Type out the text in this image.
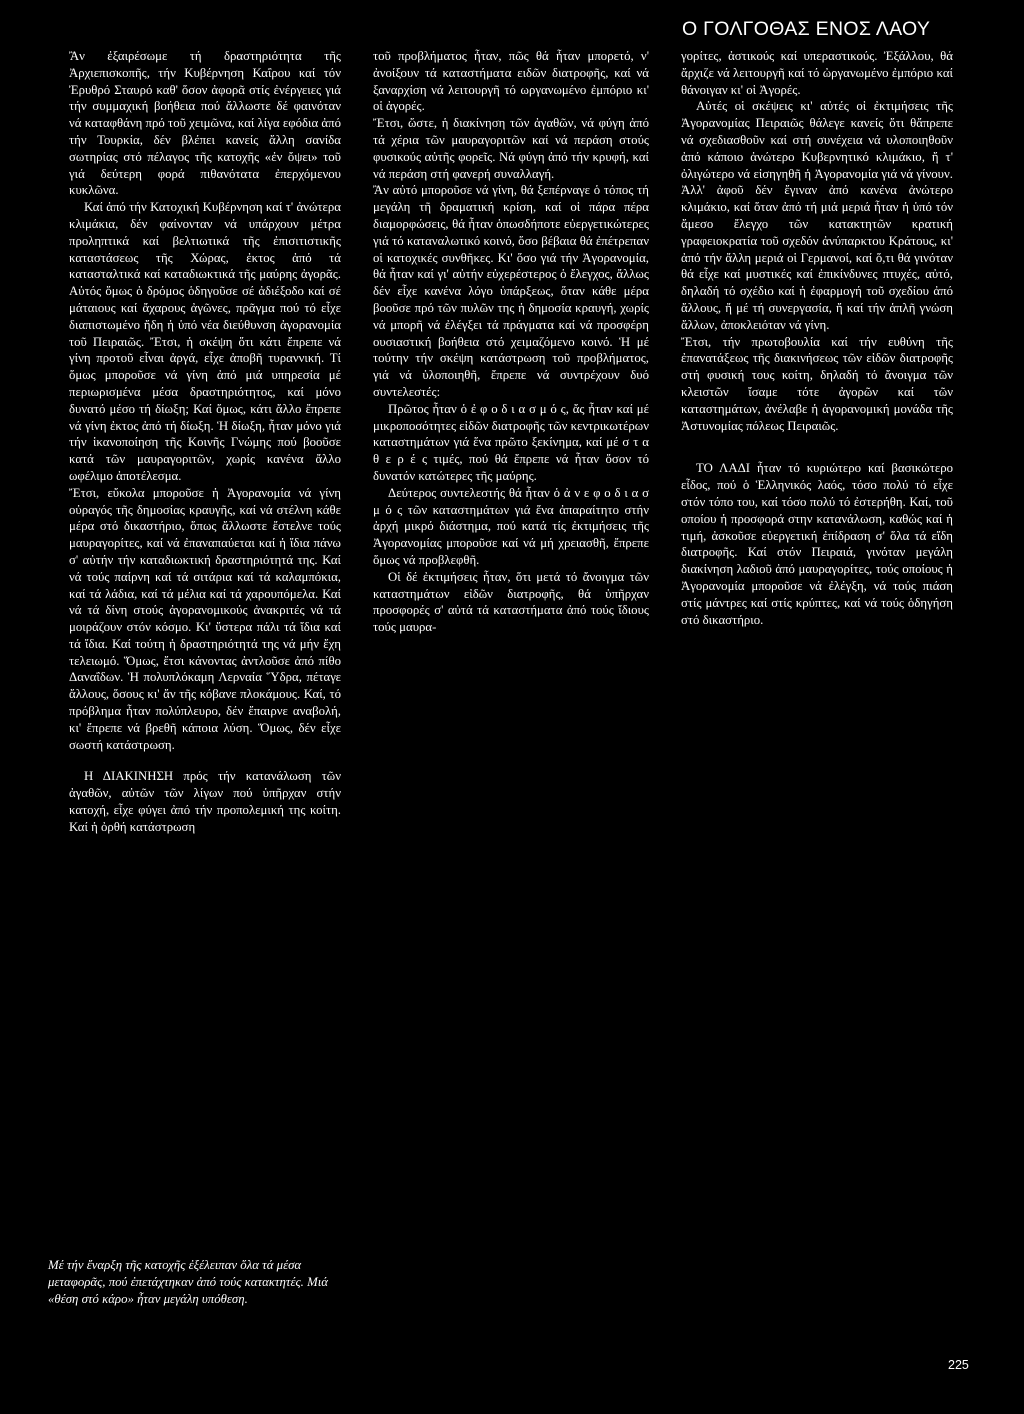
Ο ΓΟΛΓΟΘΑΣ ΕΝΟΣ ΛΑΟΥ

Ἂν ἐξαιρέσωμε τή δραστηριότητα τῆς Ἀρχιεπισκοπῆς, τήν Κυβέρνηση Καΐρου καί τόν Ἐρυθρό Σταυρό καθ' ὅσον ἀφορᾶ στίς ἐνέργειες γιά τήν συμμαχική βοήθεια πού ἄλλωστε δέ φαινόταν νά καταφθάνη πρό τοῦ χειμῶνα, καί λίγα εφόδια ἀπό τήν Τουρκία, δέν βλέπει κανείς ἄλλη σανίδα σωτηρίας στό πέλαγος τῆς κατοχῆς «ἐν ὄψει» τοῦ γιά δεύτερη φορά πιθανότατα ἐπερχόμενου κυκλῶνα.

Καί ἀπό τήν Κατοχική Κυβέρνηση καί τ' ἀνώτερα κλιμάκια, δέν φαίνονταν νά υπάρχουν μέτρα προληπτικά καί βελτιωτικά τῆς ἐπισιτιστικῆς καταστάσεως τῆς Χώρας, ἐκτος ἀπό τά κατασταλτικά καί καταδιωκτικά τῆς μαύρης ἀγορᾶς. Αὐτός ὅμως ὁ δρόμος ὁδηγοῦσε σέ ἀδιέξοδο καί σέ μάταιους καί ἄχαρους ἀγῶνες, πρᾶγμα πού τό εἶχε διαπιστωμένο ἤδη ἡ ὑπό νέα διεύθυνση ἀγορανομία τοῦ Πειραιῶς. Ἔτσι, ἡ σκέψη ὅτι κάτι ἔπρεπε νά γίνη προτοῦ εἶναι ἀργά, εἶχε ἀποβῆ τυραννική. Τί ὅμως μποροῦσε νά γίνη ἀπό μιά υπηρεσία μέ περιωρισμένα μέσα δραστηριότητος, καί μόνο δυνατό μέσο τή δίωξη; Καί ὅμως, κάτι ἄλλο ἔπρεπε νά γίνη ἐκτος ἀπό τή δίωξη. Ἡ δίωξη, ἦταν μόνο γιά τήν ἱκανοποίηση τῆς Κοινῆς Γνώμης πού βοοῦσε κατά τῶν μαυραγοριτῶν, χωρίς κανένα ἄλλο ωφέλιμο ἀποτέλεσμα.

Ἔτσι, εὔκολα μποροῦσε ἡ Ἀγορανομία νά γίνη οὐραγός τῆς δημοσίας κραυγῆς, καί νά στέλνη κάθε μέρα στό δικαστήριο, ὅπως ἄλλωστε ἔστελνε τούς μαυραγορίτες, καί νά ἐπαναπαύεται καί ἡ ἴδια πάνω σ' αὐτήν τήν καταδιωκτική δραστηριότητά της. Καί νά τούς παίρνη καί τά σιτάρια καί τά καλαμπόκια, καί τά λάδια, καί τά μέλια καί τά χαρουπόμελα. Καί νά τά δίνη στούς ἀγορανομικούς ἀνακριτές νά τά μοιράζουν στόν κόσμο. Κι' ὕστερα πάλι τά ἴδια καί τά ἴδια. Καί τούτη ἡ δραστηριότητά της νά μήν ἔχη τελειωμό. Ὅμως, ἔτσι κάνοντας ἀντλοῦσε ἀπό πίθο Δαναΐδων. Ἡ πολυπλόκαμη Λερναία Ὕδρα, πέταγε ἄλλους, ὅσους κι' ἄν τῆς κόβανε πλοκάμους. Καί, τό πρόβλημα ἦταν πολύπλευρο, δέν ἔπαιρνε αναβολή, κι' ἔπρεπε νά βρεθῆ κάποια λύση. Ὅμως, δέν εἶχε σωστή κατάστρωση.

Η ΔΙΑΚΙΝΗΣΗ πρός τήν κατανάλωση τῶν ἀγαθῶν, αὐτῶν τῶν λίγων πού ὑπῆρχαν στήν κατοχή, εἶχε φύγει ἀπό τήν προπολεμική της κοίτη. Καί ἡ ὀρθή κατάστρωση

τοῦ προβλήματος ἦταν, πῶς θά ἦταν μπορετό, ν' ἀνοίξουν τά καταστήματα ειδῶν διατροφῆς, καί νά ξαναρχίση νά λειτουργῆ τό ωργανωμένο ἐμπόριο κι' οἱ ἀγορές.

Ἔτσι, ὥστε, ἡ διακίνηση τῶν ἀγαθῶν, νά φύγη ἀπό τά χέρια τῶν μαυραγοριτῶν καί νά περάση στούς φυσικούς αὐτῆς φορεῖς. Νά φύγη ἀπό τήν κρυφή, καί νά περάση στή φανερή συναλλαγή.

Ἂν αὐτό μποροῦσε νά γίνη, θά ξεπέρναγε ὁ τόπος τή μεγάλη τῆ δραματική κρίση, καί οἱ πάρα πέρα διαμορφώσεις, θά ἦταν ὁπωσδήποτε εὐεργετικώτερες γιά τό καταναλωτικό κοινό, ὅσο βέβαια θά ἐπέτρεπαν οἱ κατοχικές συνθῆκες. Κι' ὅσο γιά τήν Ἀγορανομία, θά ἦταν καί γι' αὐτήν εὐχερέστερος ὁ ἔλεγχος, ἄλλως δέν εἶχε κανένα λόγο ὑπάρξεως, ὅταν κάθε μέρα βοοῦσε πρό τῶν πυλῶν της ἡ δημοσία κραυγή, χωρίς νά μπορῆ νά ἐλέγξει τά πράγματα καί νά προσφέρη ουσιαστική βοήθεια στό χειμαζόμενο κοινό. Ἡ μέ τούτην τήν σκέψη κατάστρωση τοῦ προβλήματος, γιά νά ὑλοποιηθῆ, ἔπρεπε νά συντρέχουν δυό συντελεστές:

Πρῶτος ἦταν ὁ ἐ φ ο δ ι α σ μ ό ς, ἄς ἦταν καί μέ μικροποσότητες εἰδῶν διατροφῆς τῶν κεντρικωτέρων καταστημάτων γιά ἕνα πρῶτο ξεκίνημα, καί μέ σ τ α θ ε ρ έ ς τιμές, πού θά ἔπρεπε νά ἦταν ὅσον τό δυνατόν κατώτερες τῆς μαύρης.

Δεύτερος συντελεστής θά ἦταν ὁ ἀ ν ε φ ο δ ι α σ μ ό ς τῶν καταστημάτων γιά ἕνα ἀπαραίτητο στήν ἀρχή μικρό διάστημα, πού κατά τίς ἐκτιμήσεις τῆς Ἀγορανομίας μποροῦσε καί νά μή χρειασθῆ, ἔπρεπε ὅμως νά προβλεφθῆ.

Οἱ δέ ἐκτιμήσεις ἦταν, ὅτι μετά τό ἄνοιγμα τῶν καταστημάτων εἰδῶν διατροφῆς, θά ὑπῆρχαν προσφορές σ' αὐτά τά καταστήματα ἀπό τούς ἴδιους τούς μαυρα-

γορίτες, ἀστικούς καί υπεραστικούς. Ἐξάλλου, θά ἄρχιζε νά λειτουργῆ καί τό ὠργανωμένο ἐμπόριο καί θάνοιγαν κι' οἱ Ἀγορές.

Αὐτές οἱ σκέψεις κι' αὐτές οἱ ἐκτιμήσεις τῆς Ἀγορανομίας Πειραιῶς θάλεγε κανείς ὅτι θἄπρεπε νά σχεδιασθοῦν καί στή συνέχεια νά υλοποιηθοῦν ἀπό κάποιο ἀνώτερο Κυβερνητικό κλιμάκιο, ἤ τ' ὀλιγώτερο νά εἰσηγηθῆ ἡ Ἀγορανομία γιά νά γίνουν. Ἀλλ' ἀφοῦ δέν ἔγιναν ἀπό κανένα ἀνώτερο κλιμάκιο, καί ὅταν ἀπό τή μιά μεριά ἦταν ἡ ὑπό τόν ἄμεσο ἔλεγχο τῶν κατακτητῶν κρατική γραφειοκρατία τοῦ σχεδόν ἀνύπαρκτου Κράτους, κι' ἀπό τήν ἄλλη μεριά οἱ Γερμανοί, καί ὅ,τι θά γινόταν θά εἶχε καί μυστικές καί ἐπικίνδυνες πτυχές, αὐτό, δηλαδή τό σχέδιο καί ἡ ἐφαρμογή τοῦ σχεδίου ἀπό ἄλλους, ἤ μέ τή συνεργασία, ἤ καί τήν ἁπλῆ γνώση ἄλλων, ἀποκλειόταν νά γίνη.

Ἔτσι, τήν πρωτοβουλία καί τήν ευθύνη τῆς ἐπανατάξεως τῆς διακινήσεως τῶν εἰδῶν διατροφῆς στή φυσική τους κοίτη, δηλαδή τό ἄνοιγμα τῶν κλειστῶν ἴσαμε τότε ἀγορῶν καί τῶν καταστημάτων, ἀνέλαβε ἡ ἀγορανομική μονάδα τῆς Ἀστυνομίας πόλεως Πειραιῶς.

ΤΟ ΛΑΔΙ ἦταν τό κυριώτερο καί βασικώτερο εἶδος, πού ὁ Ἑλληνικός λαός, τόσο πολύ τό εἶχε στόν τόπο του, καί τόσο πολύ τό ἐστερήθη. Καί, τοῦ οποίου ἡ προσφορά στην κατανάλωση, καθώς καί ἡ τιμή, ἀσκοῦσε εὐεργετική ἐπίδραση σ' ὅλα τά εἴδη διατροφῆς. Καί στόν Πειραιά, γινόταν μεγάλη διακίνηση λαδιοῦ ἀπό μαυραγορίτες, τούς οποίους ἡ Ἀγορανομία μποροῦσε νά ἐλέγξη, νά τούς πιάση στίς μάντρες καί στίς κρύπτες, καί νά τούς ὁδηγήση στό δικαστήριο.

Μέ τήν ἔναρξη τῆς κατοχῆς ἐξέλειπαν ὅλα τά μέσα μεταφορᾶς, πού ἐπετάχτηκαν ἀπό τούς κατακτητές. Μιά «θέση στό κάρο» ἦταν μεγάλη υπόθεση.
225
